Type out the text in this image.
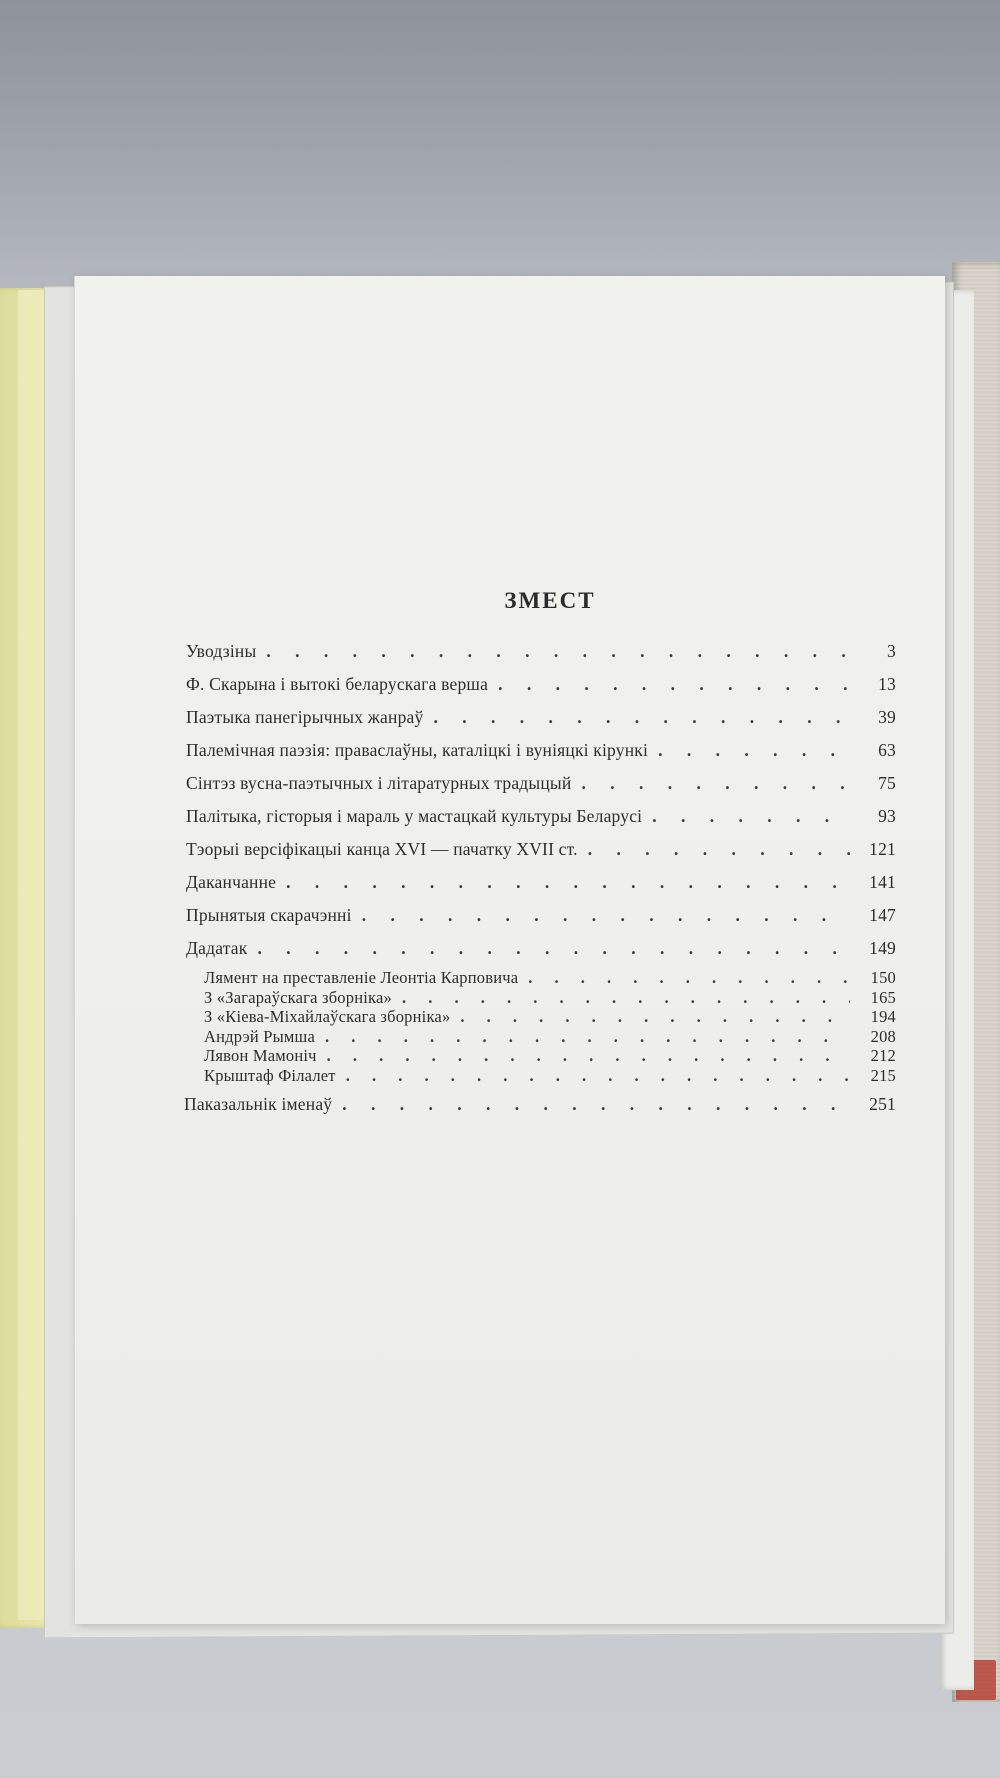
ЗМЕСТ
Уводзіны . . .	3
Ф. Скарына і вытокі беларускага верша . . .	13
Паэтыка панегірычных жанраў . . .	39
Палемічная паэзія: праваслаўны, каталіцкі і вуніяцкі кірункі . . .	63
Сінтэз вусна-паэтычных і літаратурных традыцый . . .	75
Палітыка, гісторыя і мараль у мастацкай культуры Беларусі . . .	93
Тэорыі версіфікацыі канца XVI — пачатку XVII ст. . . .	121
Даканчанне . . .	141
Прынятыя скарачэнні . . .	147
Дадатак . . .	149
Лямент на преставленіе Леонтіа Карповича . . .	150
З «Загараўскага зборніка» . . .	165
З «Кіева-Міхайлаўскага зборніка» . . .	194
Андрэй Рымша . . .	208
Лявон Мамоніч . . .	212
Крыштаф Філалет . . .	215
Паказальнік іменаў . . .	251
